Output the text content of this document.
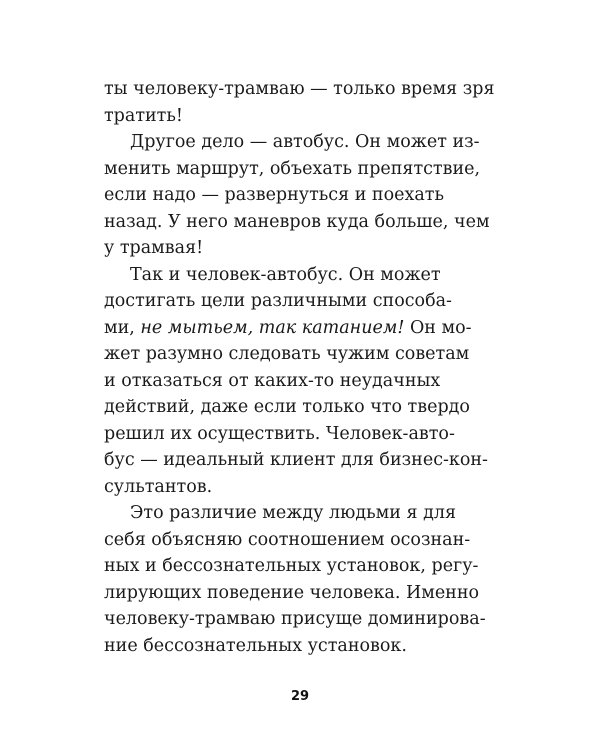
ты человеку-трамваю — только время зря
тратить!
Другое дело — автобус. Он может из-
менить маршрут, объехать препятствие,
если надо — развернуться и поехать
назад. У него маневров куда больше, чем
у трамвая!
Так и человек-автобус. Он может
достигать цели различными способа-
ми, не мытьем, так катанием! Он мо-
жет разумно следовать чужим советам
и отказаться от каких-то неудачных
действий, даже если только что твердо
решил их осуществить. Человек-авто-
бус — идеальный клиент для бизнес-кон-
сультантов.
Это различие между людьми я для
себя объясняю соотношением осознан-
ных и бессознательных установок, регу-
лирующих поведение человека. Именно
человеку-трамваю присуще доминирова-
ние бессознательных установок.
29
